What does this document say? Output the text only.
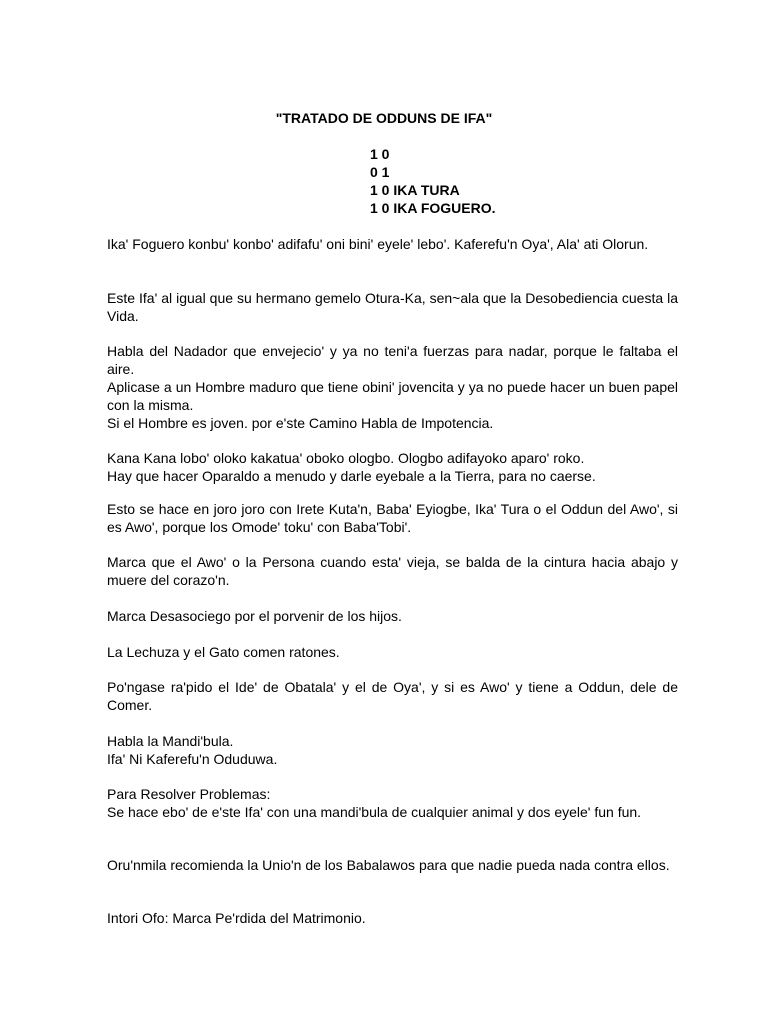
"TRATADO DE ODDUNS DE IFA"
1 0
0 1
1 0 IKA TURA
1 0 IKA FOGUERO.
Ika' Foguero konbu' konbo' adifafu' oni bini' eyele' lebo'. Kaferefu'n Oya', Ala' ati Olorun.
Este Ifa' al igual que su hermano gemelo Otura-Ka, sen~ala que la Desobediencia cuesta la Vida.
Habla del Nadador que envejecio' y ya no teni'a fuerzas para nadar, porque le faltaba el aire.
Aplicase a un Hombre maduro que tiene obini' jovencita y ya no puede hacer un buen papel con la misma.
Si el Hombre es joven. por e'ste Camino Habla de Impotencia.
Kana Kana lobo' oloko kakatua' oboko ologbo. Ologbo adifayoko aparo' roko.
Hay que hacer Oparaldo a menudo y darle eyebale a la Tierra, para no caerse.
Esto se hace en joro joro con Irete Kuta'n, Baba' Eyiogbe, Ika' Tura o el Oddun del Awo', si es Awo', porque los Omode' toku' con Baba'Tobi'.
Marca que el Awo' o la Persona cuando esta' vieja, se balda de la cintura hacia abajo y muere del corazo'n.
Marca Desasociego por el porvenir de los hijos.
La Lechuza y el Gato comen ratones.
Po'ngase ra'pido el Ide' de Obatala' y el de Oya', y si es Awo' y tiene a Oddun, dele de Comer.
Habla la Mandi'bula.
Ifa' Ni Kaferefu'n Oduduwa.
Para Resolver Problemas:
Se hace ebo' de e'ste Ifa' con una mandi'bula de cualquier animal y dos eyele' fun fun.
Oru'nmila recomienda la Unio'n de los Babalawos para que nadie pueda nada contra ellos.
Intori Ofo: Marca Pe'rdida del Matrimonio.
